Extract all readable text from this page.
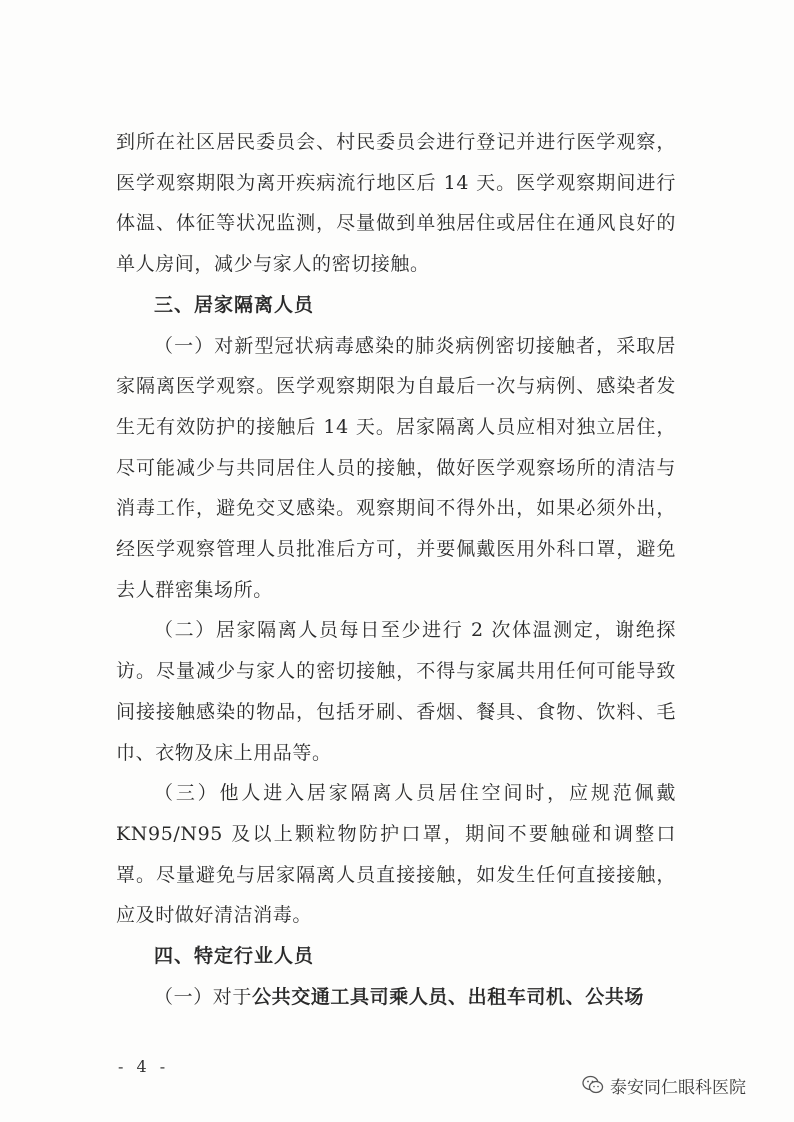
到所在社区居民委员会、村民委员会进行登记并进行医学观察，医学观察期限为离开疾病流行地区后 14 天。医学观察期间进行体温、体征等状况监测，尽量做到单独居住或居住在通风良好的单人房间，减少与家人的密切接触。

三、居家隔离人员

（一）对新型冠状病毒感染的肺炎病例密切接触者，采取居家隔离医学观察。医学观察期限为自最后一次与病例、感染者发生无有效防护的接触后 14 天。居家隔离人员应相对独立居住，尽可能减少与共同居住人员的接触，做好医学观察场所的清洁与消毒工作，避免交叉感染。观察期间不得外出，如果必须外出，经医学观察管理人员批准后方可，并要佩戴医用外科口罩，避免去人群密集场所。

（二）居家隔离人员每日至少进行 2 次体温测定，谢绝探访。尽量减少与家人的密切接触，不得与家属共用任何可能导致间接接触感染的物品，包括牙刷、香烟、餐具、食物、饮料、毛巾、衣物及床上用品等。

（三）他人进入居家隔离人员居住空间时，应规范佩戴 KN95/N95 及以上颗粒物防护口罩，期间不要触碰和调整口罩。尽量避免与居家隔离人员直接接触，如发生任何直接接触，应及时做好清洁消毒。

四、特定行业人员

（一）对于公共交通工具司乘人员、出租车司机、公共场

- 4 -
泰安同仁眼科医院
